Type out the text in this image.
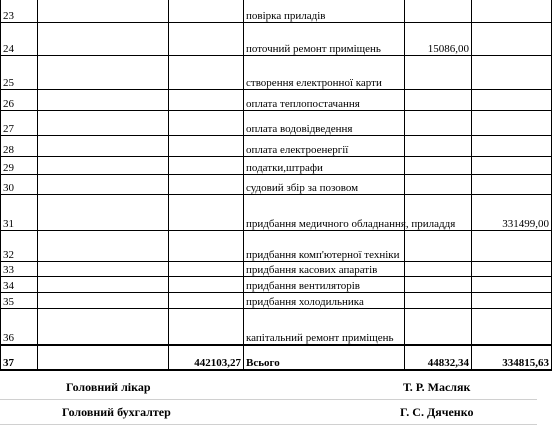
23			повірка приладів		
24			поточний ремонт приміщень	15086,00	
25			створення електронної карти		
26			оплата теплопостачання		
27			оплата водовідведення		
28			оплата електроенергії		
29			податки,штрафи		
30			судовий збір за позовом		
31			придбання медичного обладнання, приладдя		331499,00
32			придбання комп'ютерної техніки		
33			придбання касових апаратів		
34			придбання вентиляторів		
35			придбання холодильника		
36			капітальний ремонт приміщень		
37		442103,27	Всього	44832,34	334815,63
Головний лікар	Т. Р. Масляк
Головний бухгалтер	Г. С. Дяченко
